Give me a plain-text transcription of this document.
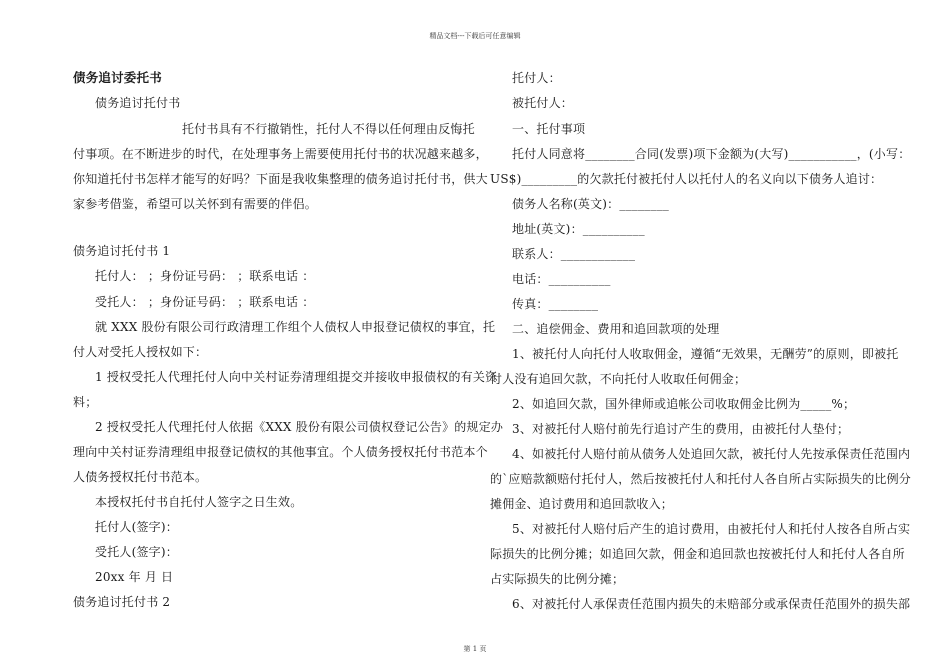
精品文档---下载后可任意编辑
债务追讨委托书
债务追讨托付书
托付书具有不行撤销性，托付人不得以任何理由反悔托
付事项。在不断进步的时代，在处理事务上需要使用托付书的状况越来越多，
你知道托付书怎样才能写的好吗？下面是我收集整理的债务追讨托付书，供大
家参考借鉴，希望可以关怀到有需要的伴侣。
债务追讨托付书 1
托付人： ；身份证号码： ；联系电话 ：
受托人： ；身份证号码： ；联系电话 ：
就 XXX 股份有限公司行政清理工作组个人债权人申报登记债权的事宜，托
付人对受托人授权如下：
1 授权受托人代理托付人向中关村证券清理组提交并接收申报债权的有关资
料；
2 授权受托人代理托付人依据《XXX 股份有限公司债权登记公告》的规定办
理向中关村证券清理组申报登记债权的其他事宜。个人债务授权托付书范本个
人债务授权托付书范本。
本授权托付书自托付人签字之日生效。
托付人(签字)：
受托人(签字)：
20xx 年 月 日
债务追讨托付书 2
托付人：
被托付人：
一、托付事项
托付人同意将________合同(发票)项下金额为(大写)___________，(小写：
US$)_________的欠款托付被托付人以托付人的名义向以下债务人追讨：
债务人名称(英文)：________
地址(英文)：__________
联系人：____________
电话：__________
传真：________
二、追偿佣金、费用和追回款项的处理
1、被托付人向托付人收取佣金，遵循“无效果，无酬劳”的原则，即被托
付人没有追回欠款，不向托付人收取任何佣金；
2、如追回欠款，国外律师或追帐公司收取佣金比例为_____%；
3、对被托付人赔付前先行追讨产生的费用，由被托付人垫付；
4、如被托付人赔付前从债务人处追回欠款，被托付人先按承保责任范围内
的`应赔款额赔付托付人，然后按被托付人和托付人各自所占实际损失的比例分
摊佣金、追讨费用和追回款收入；
5、对被托付人赔付后产生的追讨费用，由被托付人和托付人按各自所占实
际损失的比例分摊；如追回欠款，佣金和追回款也按被托付人和托付人各自所
占实际损失的比例分摊；
6、对被托付人承保责任范围内损失的未赔部分或承保责任范围外的损失部
第 1 页
